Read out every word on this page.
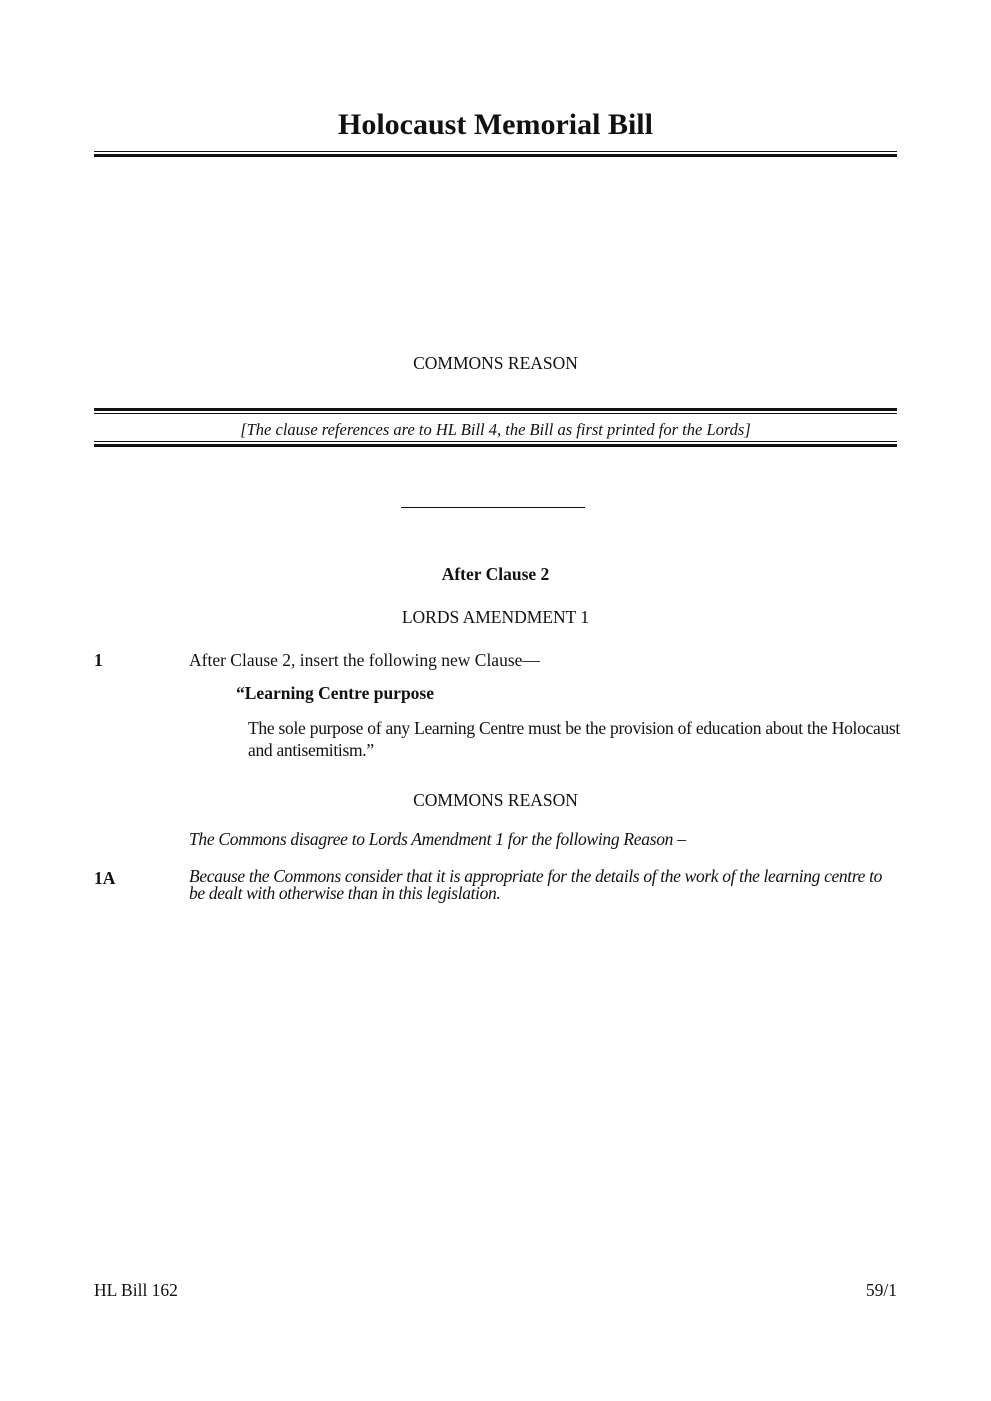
Holocaust Memorial Bill
COMMONS REASON
[The clause references are to HL Bill 4, the Bill as first printed for the Lords]
After Clause 2
LORDS AMENDMENT 1
1	After Clause 2, insert the following new Clause—
“Learning Centre purpose
The sole purpose of any Learning Centre must be the provision of education about the Holocaust and antisemitism.”
COMMONS REASON
The Commons disagree to Lords Amendment 1 for the following Reason –
1A	Because the Commons consider that it is appropriate for the details of the work of the learning centre to be dealt with otherwise than in this legislation.
HL Bill 162	59/1
